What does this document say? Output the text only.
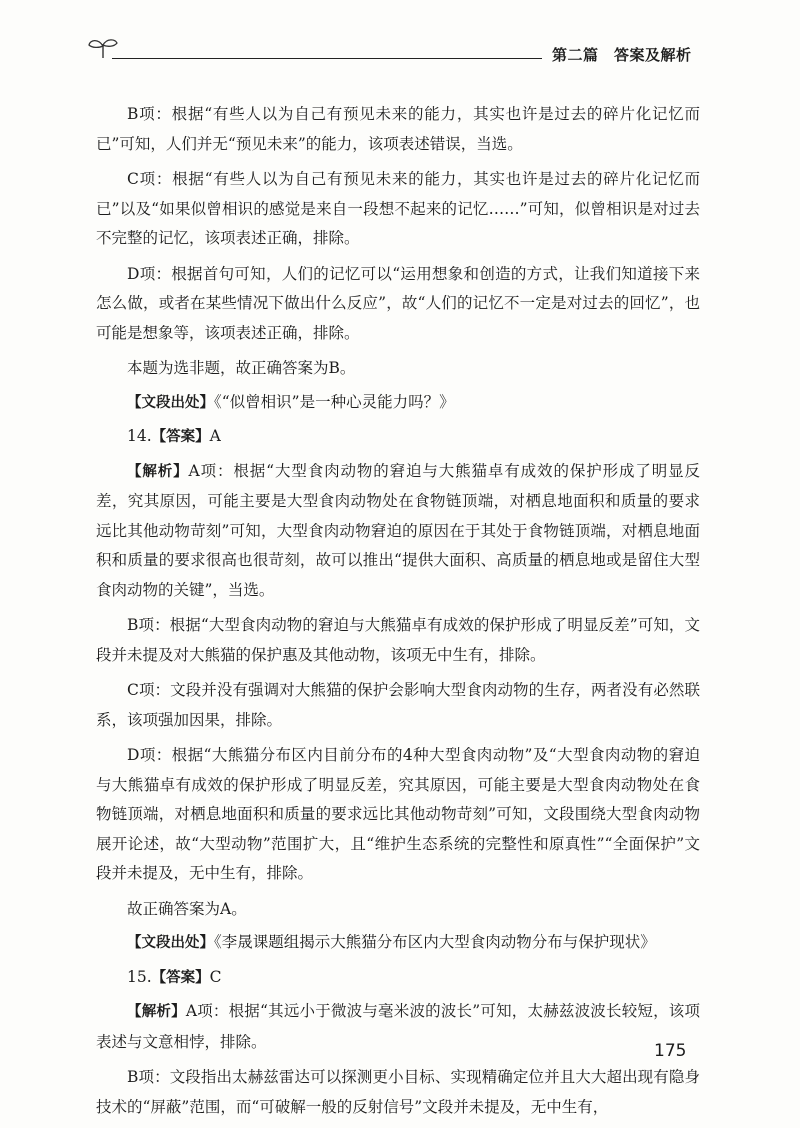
第二篇　答案及解析

B项：根据“有些人以为自己有预见未来的能力，其实也许是过去的碎片化记忆而已”可知，人们并无“预见未来”的能力，该项表述错误，当选。

C项：根据“有些人以为自己有预见未来的能力，其实也许是过去的碎片化记忆而已”以及“如果似曾相识的感觉是来自一段想不起来的记忆……”可知，似曾相识是对过去不完整的记忆，该项表述正确，排除。

D项：根据首句可知，人们的记忆可以“运用想象和创造的方式，让我们知道接下来怎么做，或者在某些情况下做出什么反应”，故“人们的记忆不一定是对过去的回忆”，也可能是想象等，该项表述正确，排除。

本题为选非题，故正确答案为B。

【文段出处】《“似曾相识”是一种心灵能力吗？》

14.【答案】A

【解析】A项：根据“大型食肉动物的窘迫与大熊猫卓有成效的保护形成了明显反差，究其原因，可能主要是大型食肉动物处在食物链顶端，对栖息地面积和质量的要求远比其他动物苛刻”可知，大型食肉动物窘迫的原因在于其处于食物链顶端，对栖息地面积和质量的要求很高也很苛刻，故可以推出“提供大面积、高质量的栖息地或是留住大型食肉动物的关键”，当选。

B项：根据“大型食肉动物的窘迫与大熊猫卓有成效的保护形成了明显反差”可知，文段并未提及对大熊猫的保护惠及其他动物，该项无中生有，排除。

C项：文段并没有强调对大熊猫的保护会影响大型食肉动物的生存，两者没有必然联系，该项强加因果，排除。

D项：根据“大熊猫分布区内目前分布的4种大型食肉动物”及“大型食肉动物的窘迫与大熊猫卓有成效的保护形成了明显反差，究其原因，可能主要是大型食肉动物处在食物链顶端，对栖息地面积和质量的要求远比其他动物苛刻”可知，文段围绕大型食肉动物展开论述，故“大型动物”范围扩大，且“维护生态系统的完整性和原真性”“全面保护”文段并未提及，无中生有，排除。

故正确答案为A。

【文段出处】《李晟课题组揭示大熊猫分布区内大型食肉动物分布与保护现状》

15.【答案】C

【解析】A项：根据“其远小于微波与毫米波的波长”可知，太赫兹波波长较短，该项表述与文意相悖，排除。

B项：文段指出太赫兹雷达可以探测更小目标、实现精确定位并且大大超出现有隐身技术的“屏蔽”范围，而“可破解一般的反射信号”文段并未提及，无中生有，

175
